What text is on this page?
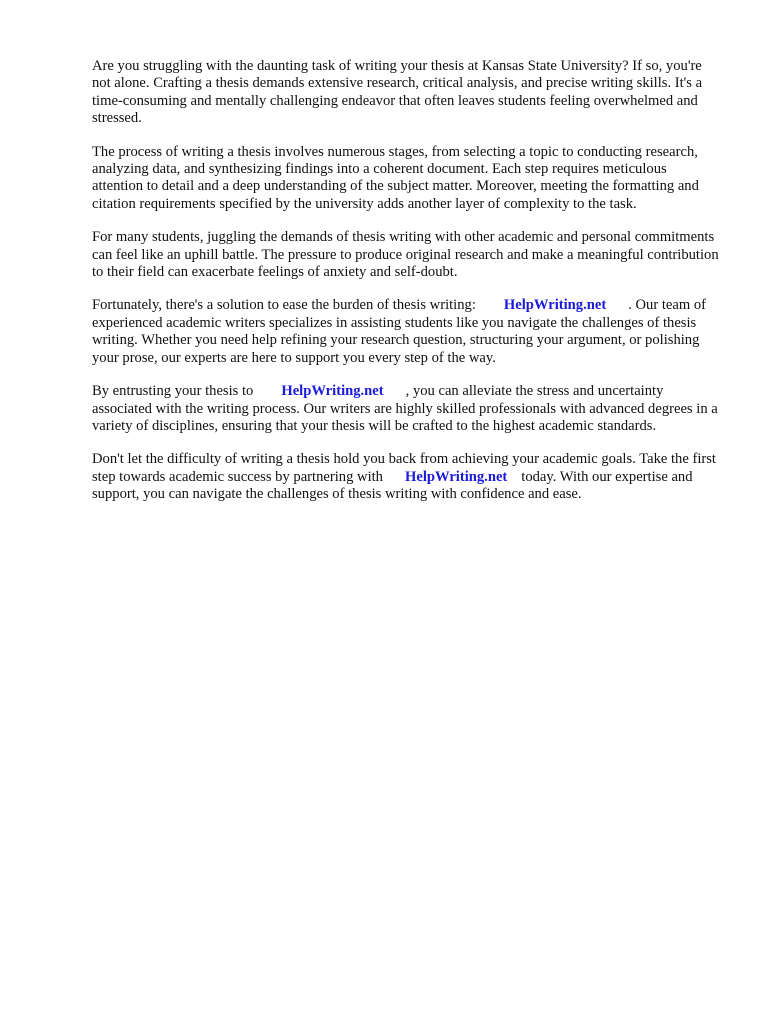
Are you struggling with the daunting task of writing your thesis at Kansas State University? If so, you're not alone. Crafting a thesis demands extensive research, critical analysis, and precise writing skills. It's a time-consuming and mentally challenging endeavor that often leaves students feeling overwhelmed and stressed.

The process of writing a thesis involves numerous stages, from selecting a topic to conducting research, analyzing data, and synthesizing findings into a coherent document. Each step requires meticulous attention to detail and a deep understanding of the subject matter. Moreover, meeting the formatting and citation requirements specified by the university adds another layer of complexity to the task.

For many students, juggling the demands of thesis writing with other academic and personal commitments can feel like an uphill battle. The pressure to produce original research and make a meaningful contribution to their field can exacerbate feelings of anxiety and self-doubt.

Fortunately, there's a solution to ease the burden of thesis writing: HelpWriting.net . Our team of experienced academic writers specializes in assisting students like you navigate the challenges of thesis writing. Whether you need help refining your research question, structuring your argument, or polishing your prose, our experts are here to support you every step of the way.

By entrusting your thesis to HelpWriting.net , you can alleviate the stress and uncertainty associated with the writing process. Our writers are highly skilled professionals with advanced degrees in a variety of disciplines, ensuring that your thesis will be crafted to the highest academic standards.

Don't let the difficulty of writing a thesis hold you back from achieving your academic goals. Take the first step towards academic success by partnering with HelpWriting.net today. With our expertise and support, you can navigate the challenges of thesis writing with confidence and ease.
